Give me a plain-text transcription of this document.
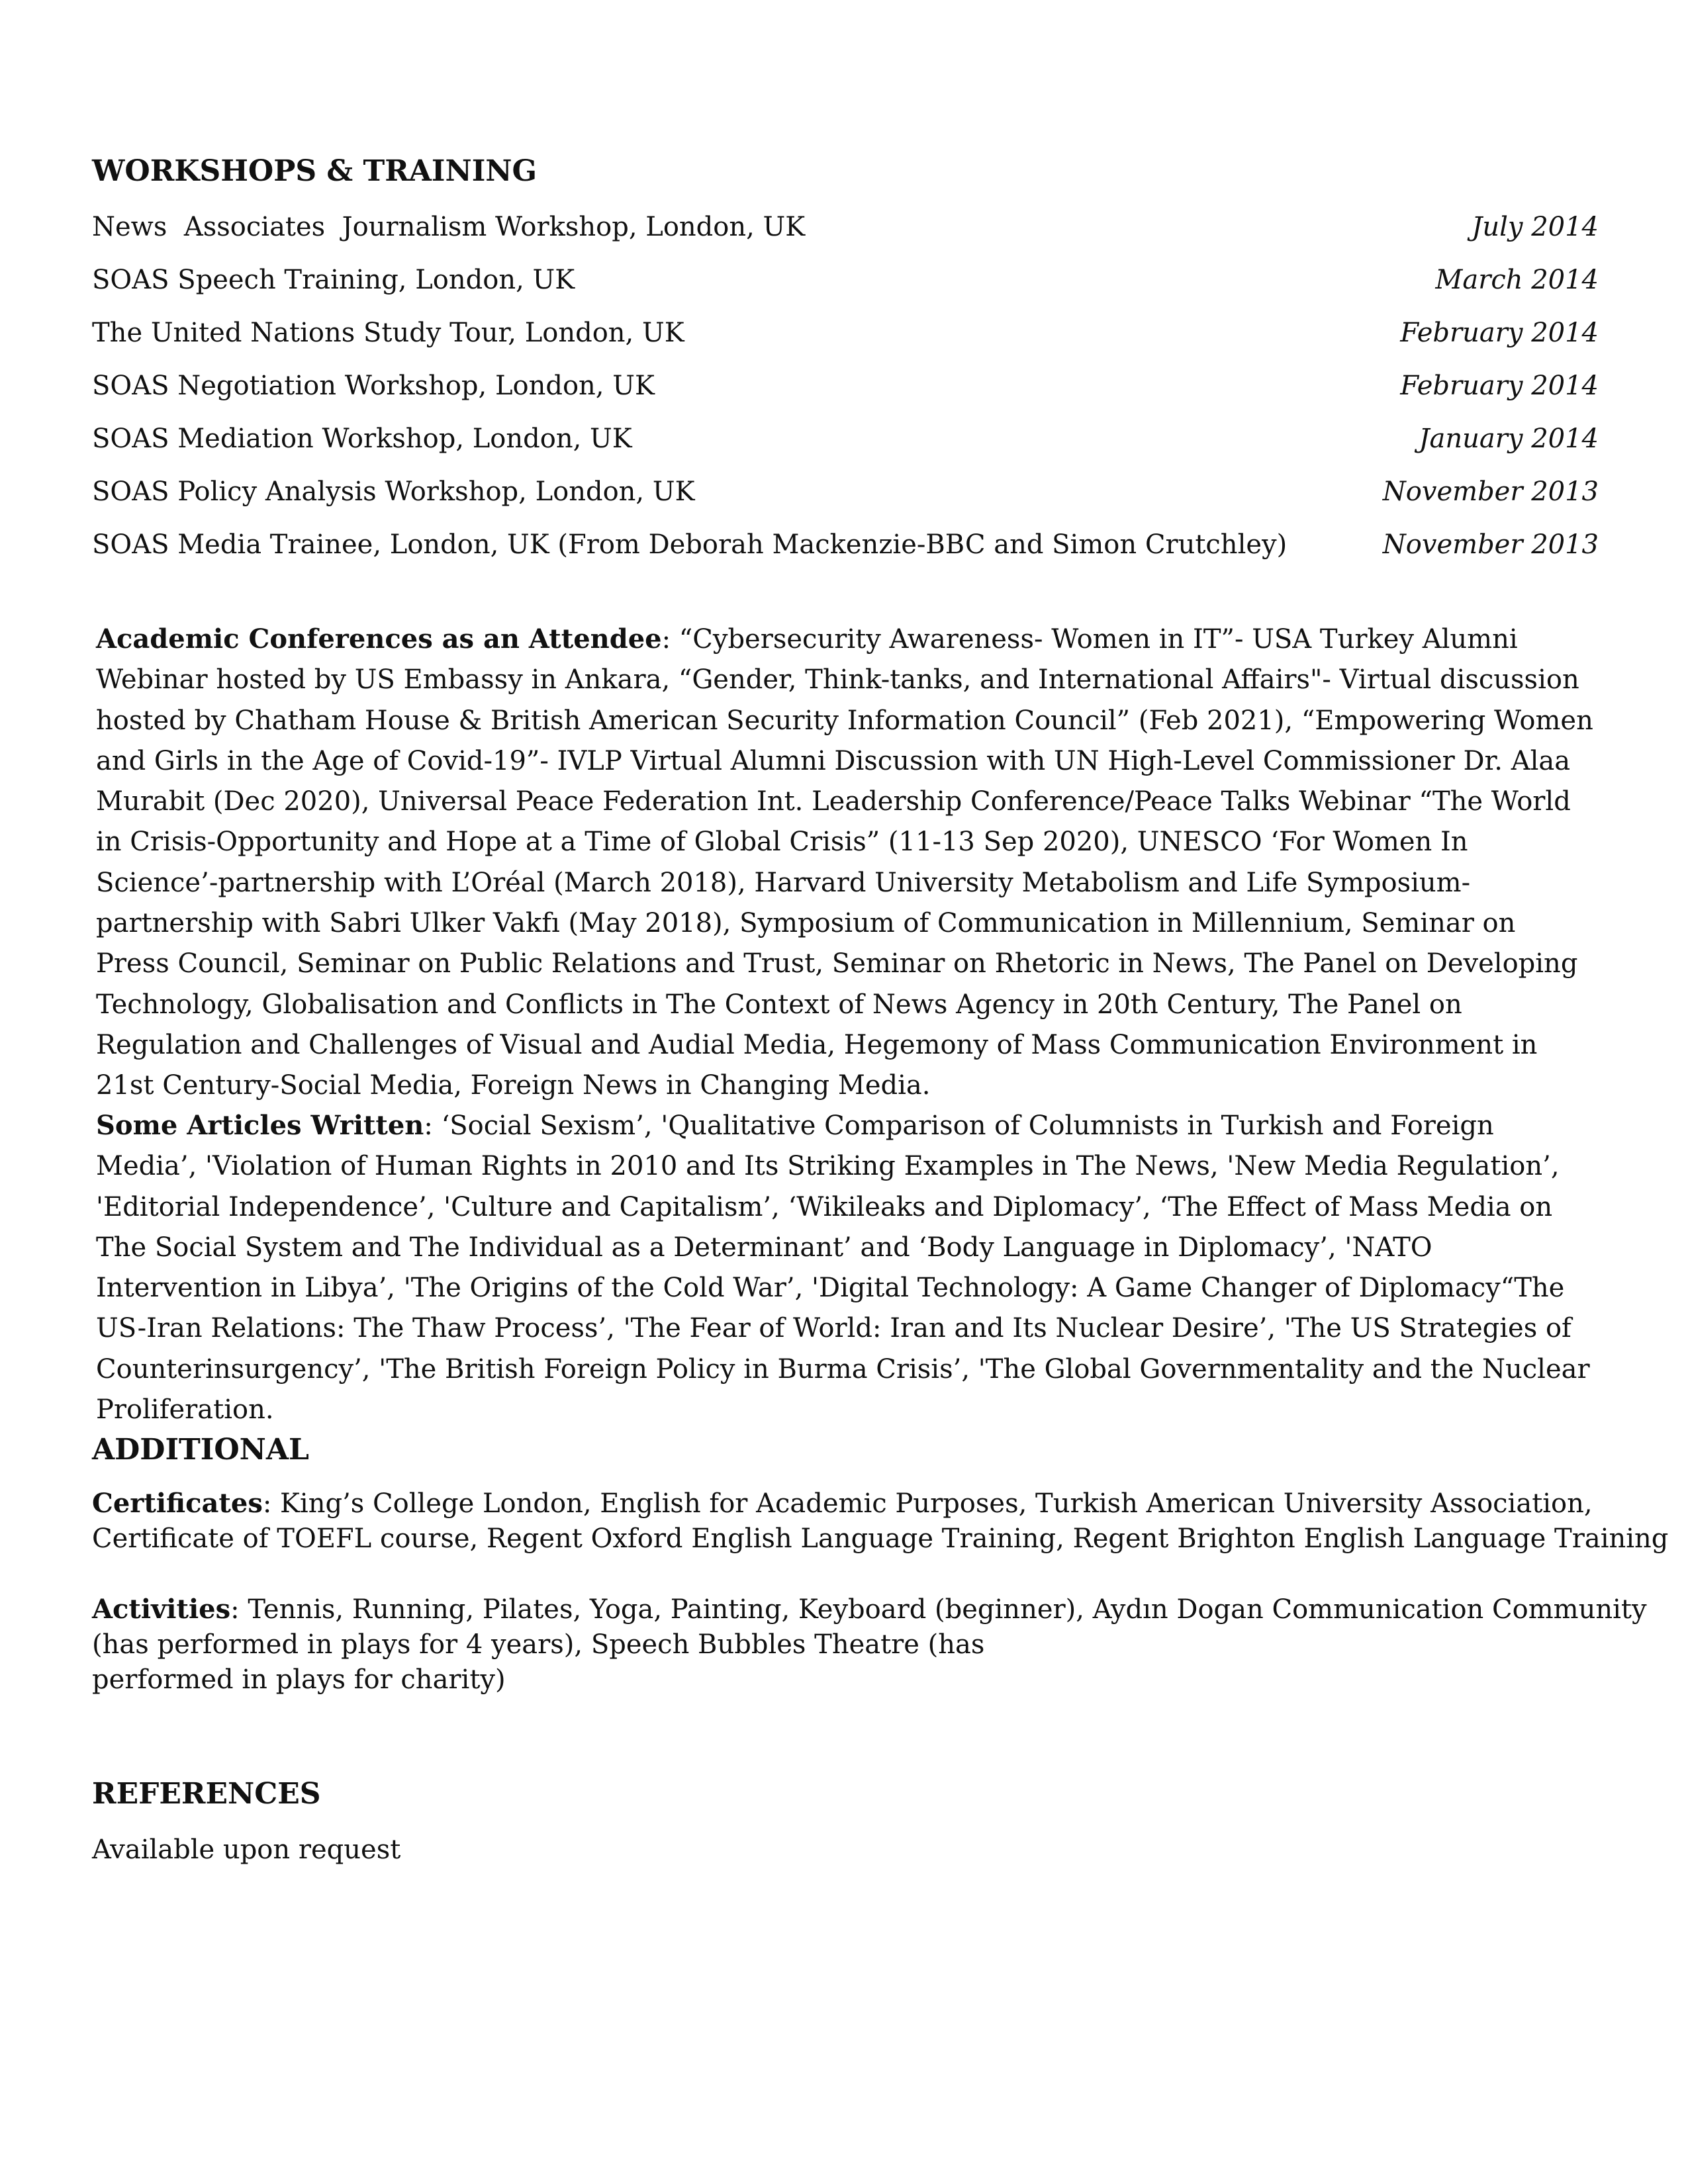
WORKSHOPS & TRAINING
News  Associates  Journalism Workshop, London, UK	July 2014
SOAS Speech Training, London, UK	March 2014
The United Nations Study Tour, London, UK	February 2014
SOAS Negotiation Workshop, London, UK	February 2014
SOAS Mediation Workshop, London, UK	January 2014
SOAS Policy Analysis Workshop, London, UK	November 2013
SOAS Media Trainee, London, UK (From Deborah Mackenzie-BBC and Simon Crutchley)	November 2013

Academic Conferences as an Attendee: “Cybersecurity Awareness- Women in IT”- USA Turkey Alumni Webinar hosted by US Embassy in Ankara, “Gender, Think-tanks, and International Affairs"- Virtual discussion hosted by Chatham House & British American Security Information Council” (Feb 2021), “Empowering Women and Girls in the Age of Covid-19”- IVLP Virtual Alumni Discussion with UN High-Level Commissioner Dr. Alaa Murabit (Dec 2020), Universal Peace Federation Int. Leadership Conference/Peace Talks Webinar “The World in Crisis-Opportunity and Hope at a Time of Global Crisis” (11-13 Sep 2020), UNESCO ‘For Women In Science’-partnership with L’Oréal (March 2018), Harvard University Metabolism and Life Symposium-partnership with Sabri Ulker Vakfı (May 2018), Symposium of Communication in Millennium, Seminar on Press Council, Seminar on Public Relations and Trust, Seminar on Rhetoric in News, The Panel on Developing Technology, Globalisation and Conflicts in The Context of News Agency in 20th Century, The Panel on Regulation and Challenges of Visual and Audial Media, Hegemony of Mass Communication Environment in 21st Century-Social Media, Foreign News in Changing Media.

Some Articles Written: ‘Social Sexism’, 'Qualitative Comparison of Columnists in Turkish and Foreign Media’, 'Violation of Human Rights in 2010 and Its Striking Examples in The News, 'New Media Regulation’, 'Editorial Independence’, 'Culture and Capitalism’, ‘Wikileaks and Diplomacy’, ‘The Effect of Mass Media on The Social System and The Individual as a Determinant’ and ‘Body Language in Diplomacy’, 'NATO Intervention in Libya’, 'The Origins of the Cold War’, 'Digital Technology: A Game Changer of Diplomacy“The US-Iran Relations: The Thaw Process’, 'The Fear of World: Iran and Its Nuclear Desire’, 'The US Strategies of Counterinsurgency’, 'The British Foreign Policy in Burma Crisis’, 'The Global Governmentality and the Nuclear Proliferation.

ADDITIONAL

Certificates: King’s College London, English for Academic Purposes, Turkish American University Association,
Certificate of TOEFL course, Regent Oxford English Language Training, Regent Brighton English Language Training

Activities: Tennis, Running, Pilates, Yoga, Painting, Keyboard (beginner), Aydın Dogan Communication Community
(has performed in plays for 4 years), Speech Bubbles Theatre (has
performed in plays for charity)

REFERENCES

Available upon request
